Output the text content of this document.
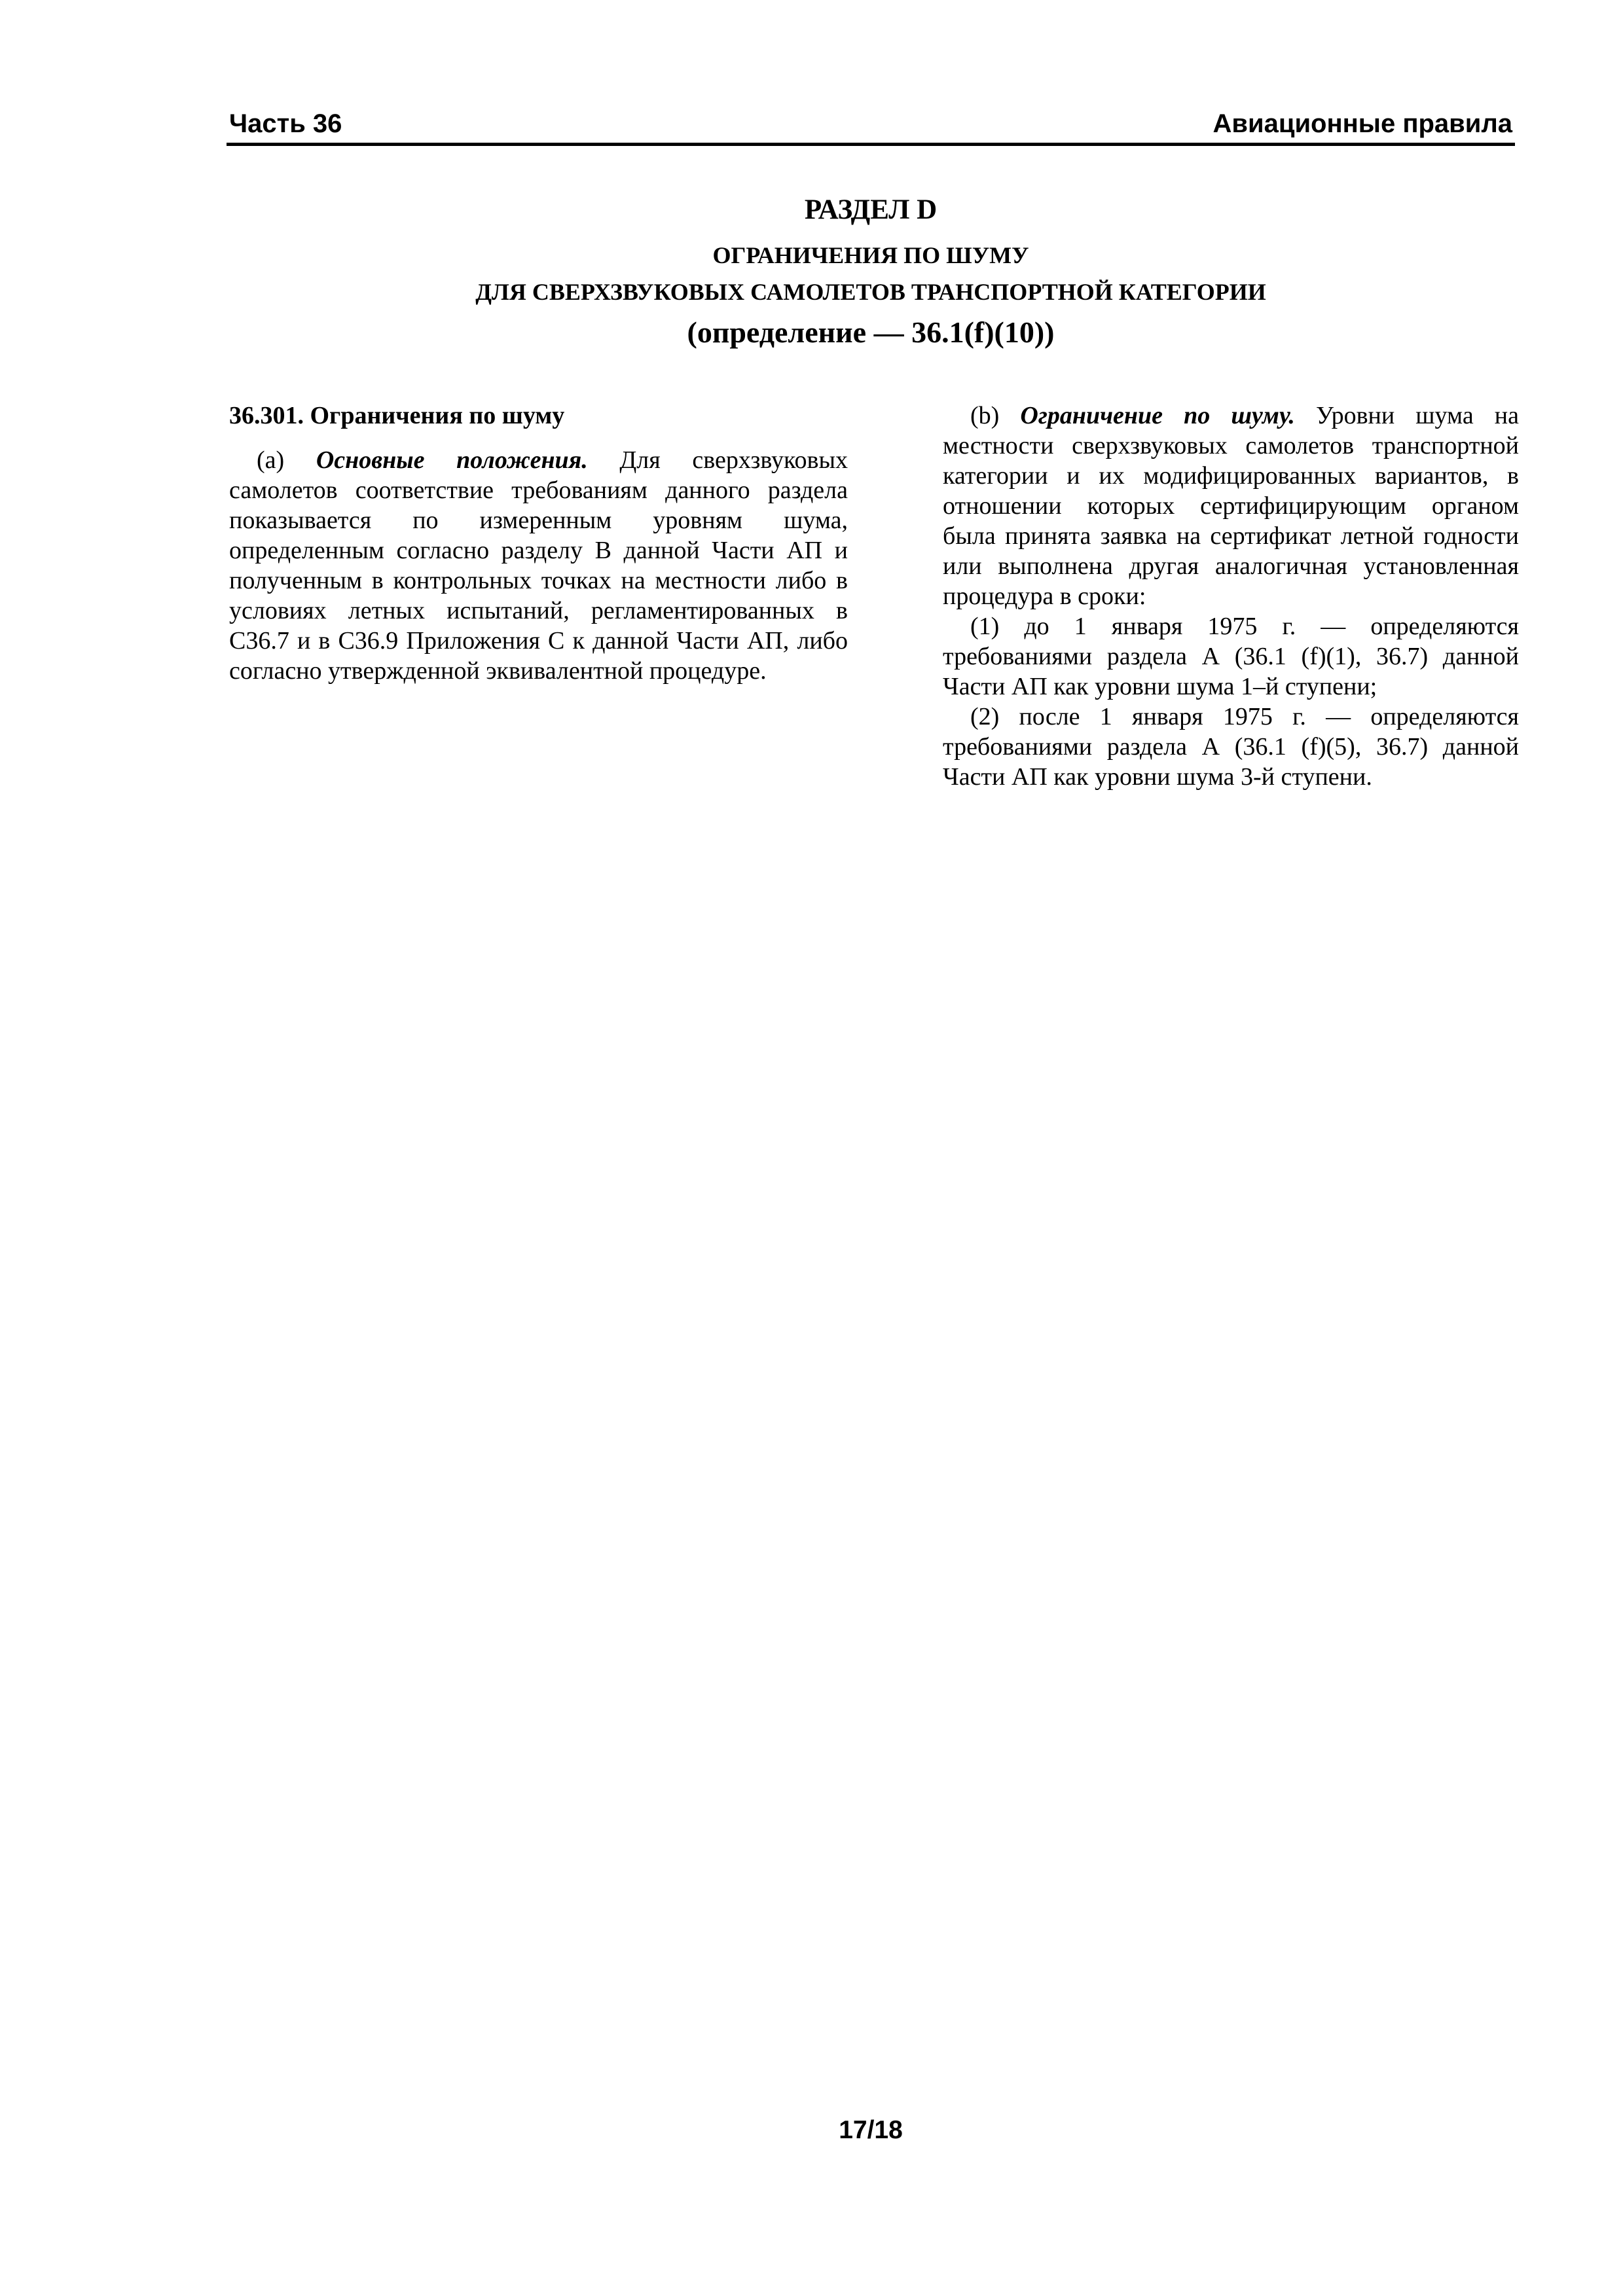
Часть 36	Авиационные правила
РАЗДЕЛ D
ОГРАНИЧЕНИЯ ПО ШУМУ
ДЛЯ СВЕРХЗВУКОВЫХ САМОЛЕТОВ ТРАНСПОРТНОЙ КАТЕГОРИИ
(определение — 36.1(f)(10))

36.301. Ограничения по шуму

(a) Основные положения. Для сверхзвуковых самолетов соответствие требованиям данного раздела показывается по измеренным уровням шума, определенным согласно разделу В данной Части АП и полученным в контрольных точках на местности либо в условиях летных испытаний, регламентированных в С36.7 и в С36.9 Приложения С к данной Части АП, либо согласно утвержденной эквивалентной процедуре.

(b) Ограничение по шуму. Уровни шума на местности сверхзвуковых самолетов транспортной категории и их модифицированных вариантов, в отношении которых сертифицирующим органом была принята заявка на сертификат летной годности или выполнена другая аналогичная установленная процедура в сроки:

(1) до 1 января 1975 г. — определяются требованиями раздела А (36.1 (f)(1), 36.7) данной Части АП как уровни шума 1–й ступени;

(2) после 1 января 1975 г. — определяются требованиями раздела А (36.1 (f)(5), 36.7) данной Части АП как уровни шума 3-й ступени.

17/18
